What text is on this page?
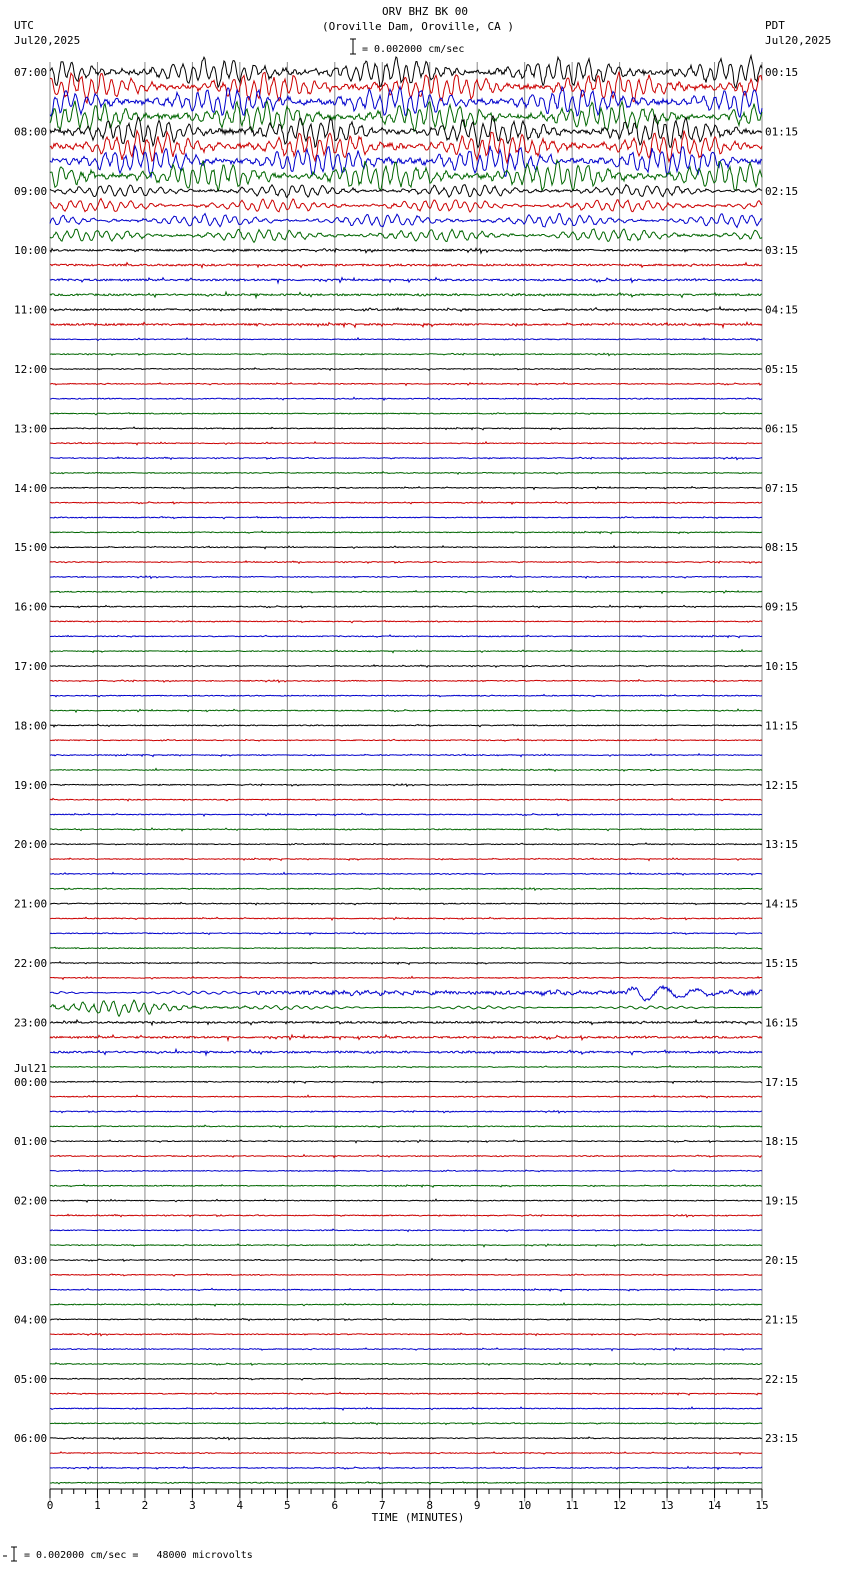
ORV BHZ BK 00
(Oroville Dam, Oroville, CA )
= 0.002000 cm/sec
UTC
Jul20,2025
PDT
Jul20,2025
07:00
08:00
09:00
10:00
11:00
12:00
13:00
14:00
15:00
16:00
17:00
18:00
19:00
20:00
21:00
22:00
23:00
Jul21
00:00
01:00
02:00
03:00
04:00
05:00
06:00
00:15
01:15
02:15
03:15
04:15
05:15
06:15
07:15
08:15
09:15
10:15
11:15
12:15
13:15
14:15
15:15
16:15
17:15
18:15
19:15
20:15
21:15
22:15
23:15
0	1	2	3	4	5	6	7	8	9	10	11	12	13	14	15
TIME (MINUTES)
= 0.002000 cm/sec =   48000 microvolts
